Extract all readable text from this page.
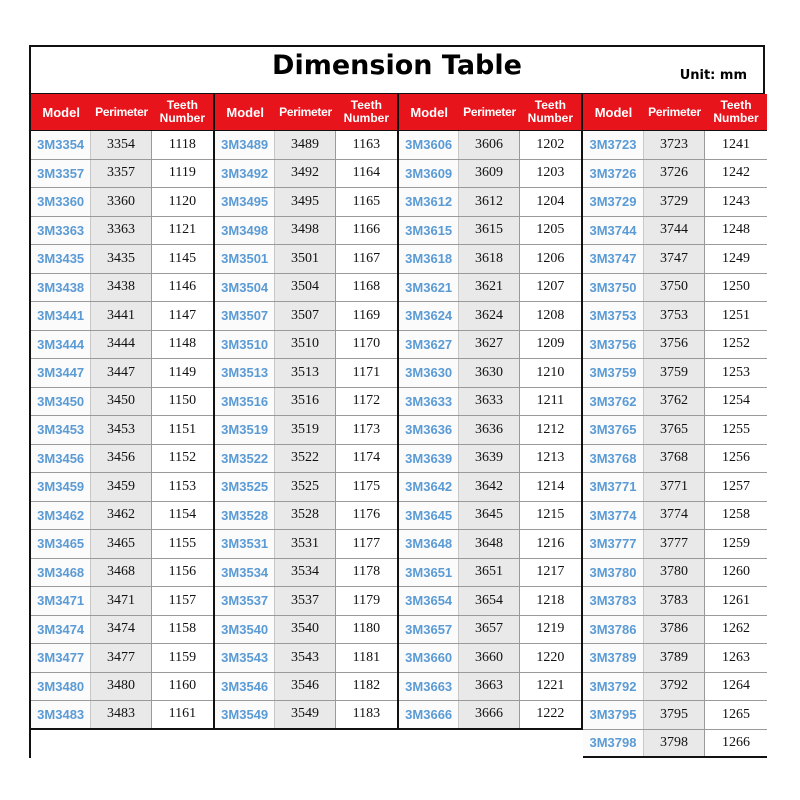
Dimension Table	Unit: mm
Model	Perimeter	Teeth
Number
3M3354	3354	1118
3M3357	3357	1119
3M3360	3360	1120
3M3363	3363	1121
3M3435	3435	1145
3M3438	3438	1146
3M3441	3441	1147
3M3444	3444	1148
3M3447	3447	1149
3M3450	3450	1150
3M3453	3453	1151
3M3456	3456	1152
3M3459	3459	1153
3M3462	3462	1154
3M3465	3465	1155
3M3468	3468	1156
3M3471	3471	1157
3M3474	3474	1158
3M3477	3477	1159
3M3480	3480	1160
3M3483	3483	1161
Model	Perimeter	Teeth
Number
3M3489	3489	1163
3M3492	3492	1164
3M3495	3495	1165
3M3498	3498	1166
3M3501	3501	1167
3M3504	3504	1168
3M3507	3507	1169
3M3510	3510	1170
3M3513	3513	1171
3M3516	3516	1172
3M3519	3519	1173
3M3522	3522	1174
3M3525	3525	1175
3M3528	3528	1176
3M3531	3531	1177
3M3534	3534	1178
3M3537	3537	1179
3M3540	3540	1180
3M3543	3543	1181
3M3546	3546	1182
3M3549	3549	1183
Model	Perimeter	Teeth
Number
3M3606	3606	1202
3M3609	3609	1203
3M3612	3612	1204
3M3615	3615	1205
3M3618	3618	1206
3M3621	3621	1207
3M3624	3624	1208
3M3627	3627	1209
3M3630	3630	1210
3M3633	3633	1211
3M3636	3636	1212
3M3639	3639	1213
3M3642	3642	1214
3M3645	3645	1215
3M3648	3648	1216
3M3651	3651	1217
3M3654	3654	1218
3M3657	3657	1219
3M3660	3660	1220
3M3663	3663	1221
3M3666	3666	1222
Model	Perimeter	Teeth
Number
3M3723	3723	1241
3M3726	3726	1242
3M3729	3729	1243
3M3744	3744	1248
3M3747	3747	1249
3M3750	3750	1250
3M3753	3753	1251
3M3756	3756	1252
3M3759	3759	1253
3M3762	3762	1254
3M3765	3765	1255
3M3768	3768	1256
3M3771	3771	1257
3M3774	3774	1258
3M3777	3777	1259
3M3780	3780	1260
3M3783	3783	1261
3M3786	3786	1262
3M3789	3789	1263
3M3792	3792	1264
3M3795	3795	1265
3M3798	3798	1266
